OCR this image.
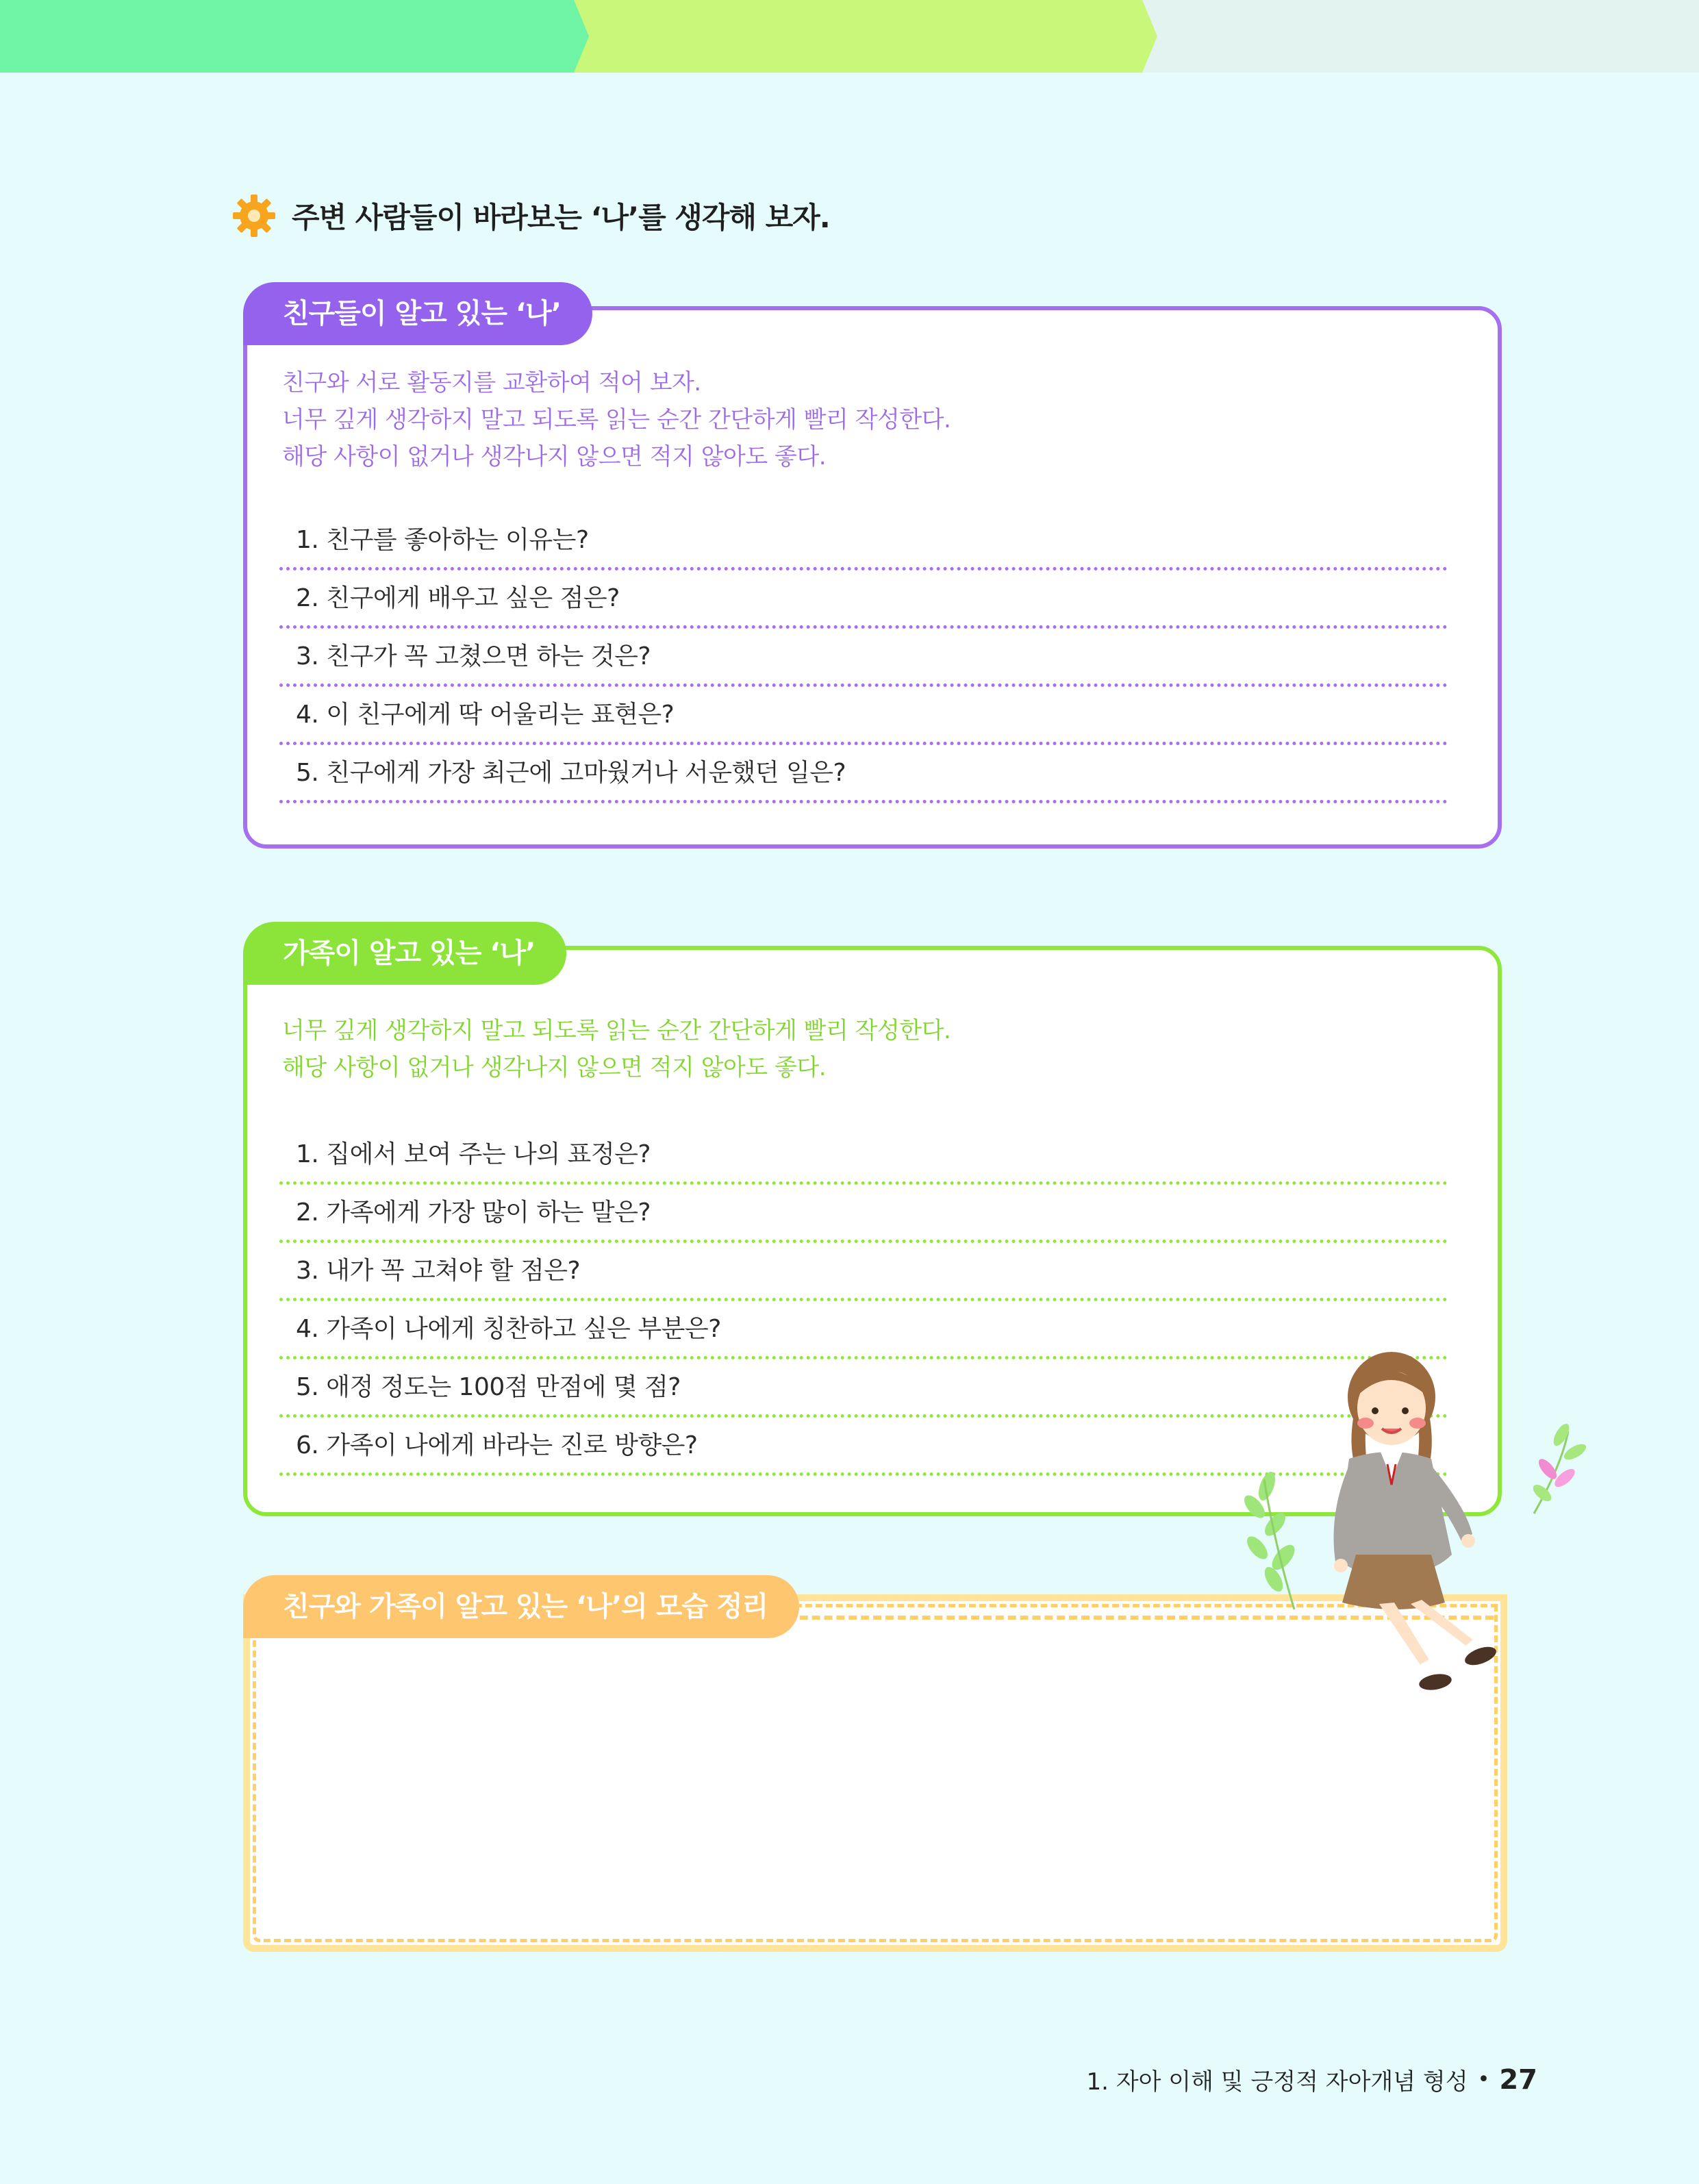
주변 사람들이 바라보는 ‘나’를 생각해 보자.
친구들이 알고 있는 ‘나’
친구와 서로 활동지를 교환하여 적어 보자.
너무 깊게 생각하지 말고 되도록 읽는 순간 간단하게 빨리 작성한다.
해당 사항이 없거나 생각나지 않으면 적지 않아도 좋다.
1. 친구를 좋아하는 이유는?
2. 친구에게 배우고 싶은 점은?
3. 친구가 꼭 고쳤으면 하는 것은?
4. 이 친구에게 딱 어울리는 표현은?
5. 친구에게 가장 최근에 고마웠거나 서운했던 일은?
가족이 알고 있는 ‘나’
너무 깊게 생각하지 말고 되도록 읽는 순간 간단하게 빨리 작성한다.
해당 사항이 없거나 생각나지 않으면 적지 않아도 좋다.
1. 집에서 보여 주는 나의 표정은?
2. 가족에게 가장 많이 하는 말은?
3. 내가 꼭 고쳐야 할 점은?
4. 가족이 나에게 칭찬하고 싶은 부분은?
5. 애정 정도는 100점 만점에 몇 점?
6. 가족이 나에게 바라는 진로 방향은?
친구와 가족이 알고 있는 ‘나’의 모습 정리
1. 자아 이해 및 긍정적 자아개념 형성 • 27
